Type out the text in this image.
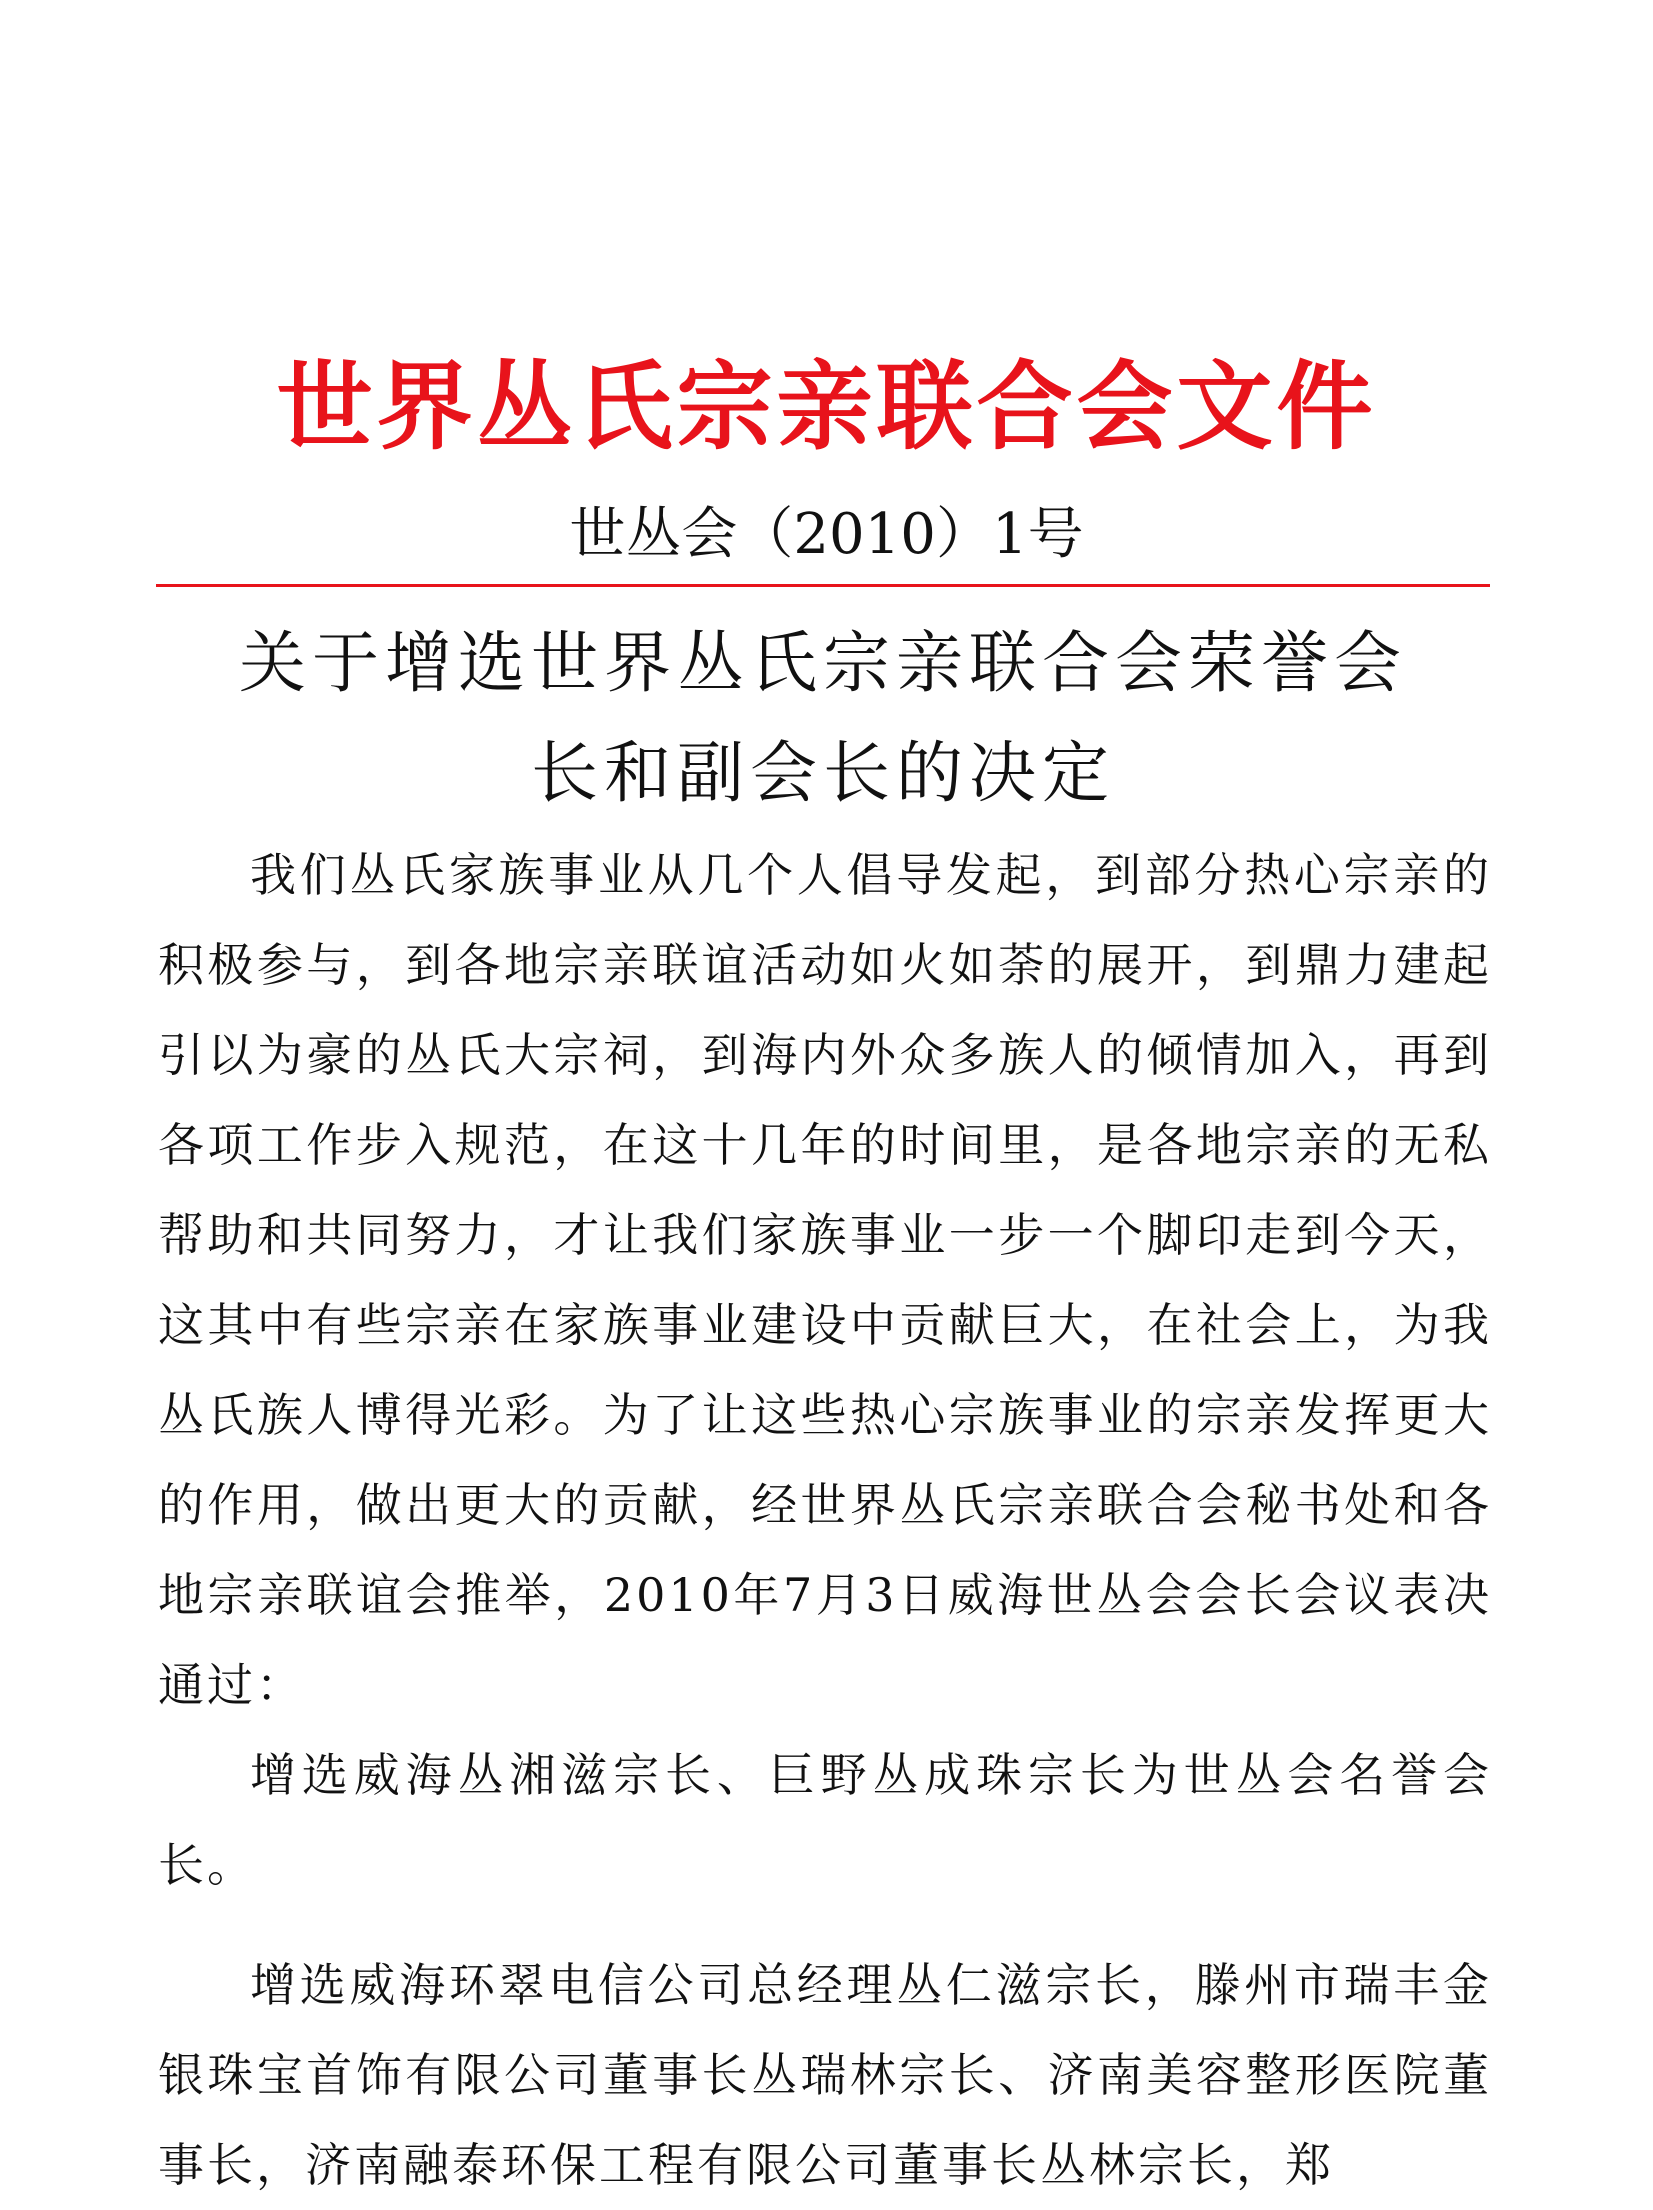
世界丛氏宗亲联合会文件
世丛会（2010）1号
关于增选世界丛氏宗亲联合会荣誉会
长和副会长的决定

我们丛氏家族事业从几个人倡导发起，到部分热心宗亲的积极参与，到各地宗亲联谊活动如火如荼的展开，到鼎力建起引以为豪的丛氏大宗祠，到海内外众多族人的倾情加入，再到各项工作步入规范，在这十几年的时间里，是各地宗亲的无私帮助和共同努力，才让我们家族事业一步一个脚印走到今天，这其中有些宗亲在家族事业建设中贡献巨大，在社会上，为我丛氏族人博得光彩。为了让这些热心宗族事业的宗亲发挥更大的作用，做出更大的贡献，经世界丛氏宗亲联合会秘书处和各地宗亲联谊会推举，2010年7月3日威海世丛会会长会议表决通过：

增选威海丛湘滋宗长、巨野丛成珠宗长为世丛会名誉会长。

增选威海环翠电信公司总经理丛仁滋宗长，滕州市瑞丰金银珠宝首饰有限公司董事长丛瑞林宗长、济南美容整形医院董事长，济南融泰环保工程有限公司董事长丛林宗长，郑
